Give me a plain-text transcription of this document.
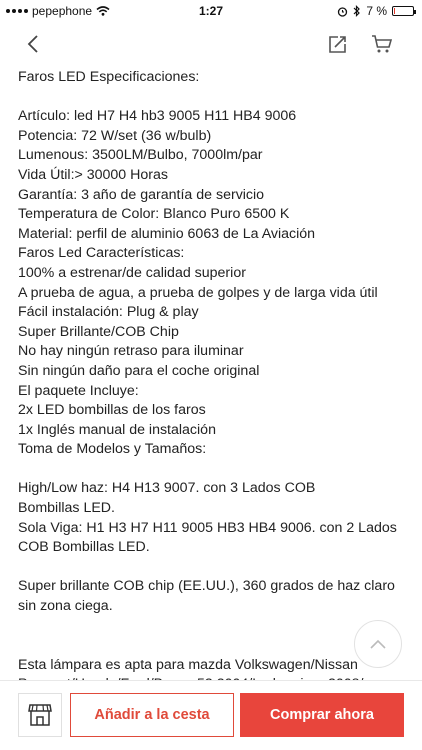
pepephone	1:27	7 %
Faros LED Especificaciones:
Artículo: led H7 H4 hb3 9005 H11 HB4 9006
Potencia: 72 W/set (36 w/bulb)
Lumenous: 3500LM/Bulbo, 7000lm/par
Vida Útil:> 30000 Horas
Garantía: 3 año de garantía de servicio
Temperatura de Color: Blanco Puro 6500 K
Material: perfil de aluminio 6063 de La Aviación
Faros Led Características:
100% a estrenar/de calidad superior
A prueba de agua, a prueba de golpes y de larga vida útil
Fácil instalación: Plug & play
Super Brillante/COB Chip
No hay ningún retraso para iluminar
Sin ningún daño para el coche original
El paquete Incluye:
2x LED bombillas de los faros
1x Inglés manual de instalación
Toma de Modelos y Tamaños:
High/Low haz: H4 H13 9007. con 3 Lados COB
Bombillas LED.
Sola Viga: H1 H3 H7 H11 9005 HB3 HB4 9006. con 2 Lados
COB Bombillas LED.
Super brillante COB chip (EE.UU.), 360 grados de haz claro
sin zona ciega.
Esta lámpara es apta para mazda Volkswagen/Nissan
Añadir a la cesta	Comprar ahora
